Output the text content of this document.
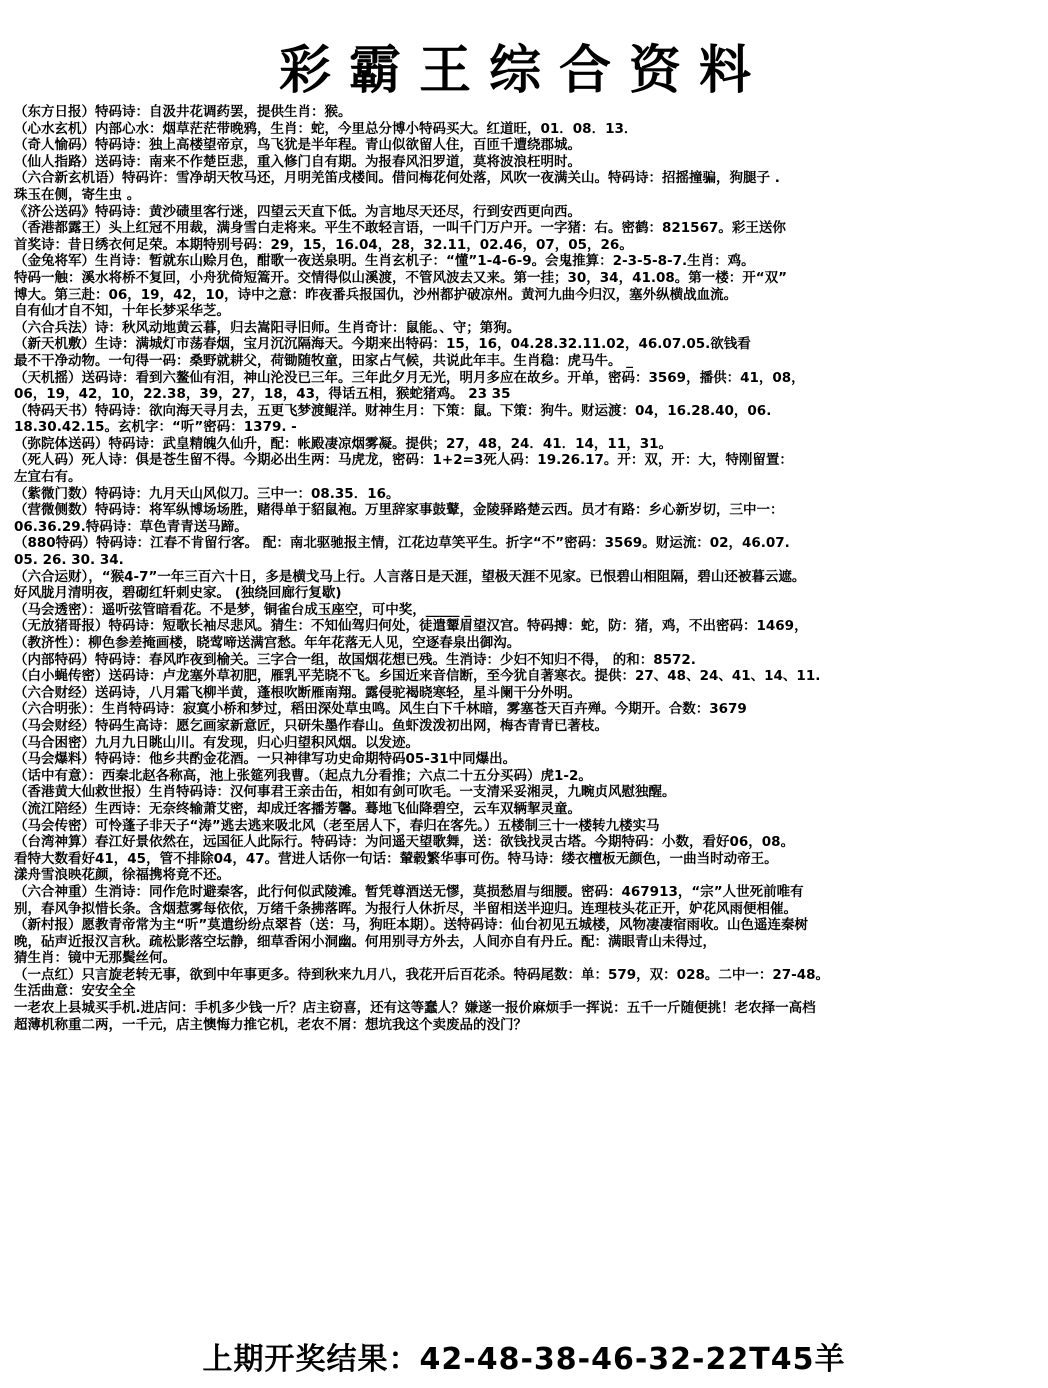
彩霸王综合资料
（东方日报）特码诗：自汲井花调药罢，提供生肖：猴。
（心水玄机）内部心水：烟草茫茫带晚鸦，生肖：蛇，今里总分博小特码买大。红道旺，01．08．13．
（奇人愉码）特码诗：独上高楼望帝京，鸟飞犹是半年程。青山似欲留人住，百匝千遭绕郡城。
（仙人指路）送码诗：南来不作楚臣悲，重入修门自有期。为报春风汨罗道，莫将波浪枉明时。
（六合新玄机语）特码许：雪净胡天牧马还，月明羌笛戌楼间。借问梅花何处落，风吹一夜满关山。特码诗：招摇撞骗，狗腿子 .
珠玉在侧，寄生虫 。
《济公送码》特码诗：黄沙碛里客行迷，四望云天直下低。为言地尽天还尽，行到安西更向西。
（香港都露王）头上红冠不用裁，满身雪白走将来。平生不敢轻言语，一叫千门万户开。一字猪：右。密鹤：821567。彩王送你
首奖诗：昔日绣衣何足荣。本期特别号码：29，15，16.04，28，32.11，02.46，07，05，26。
（金兔将军）生肖诗：暂就东山赊月色，酣歌一夜送泉明。生肖玄机子：“懂”1-4-6-9。会鬼推算：2-3-5-8-7.生肖：鸡。
特码一触：溪水将桥不复回，小舟犹倚短篙开。交情得似山溪渡，不管风波去又来。第一挂；30，34，41.08。第一楼：开“双”
博大。第三赴：06，19，42，10，诗中之意：昨夜番兵报国仇，沙州都护破凉州。黄河九曲今归汉，塞外纵横战血流。
自有仙才自不知，十年长梦采华芝。
（六合兵法）诗：秋风动地黄云暮，归去嵩阳寻旧师。生肖奇计：鼠能。、守；第狗。
（新天机敷）生诗：满城灯市荡春烟，宝月沉沉隔海天。今期来出特码：15，16，04.28.32.11.02，46.07.05.欲钱看
最不干净动物。一句得一码：桑野就耕父，荷锄随牧童，田家占气候，共说此年丰。生肖稳：虎马牛。 _
（天机摇）送码诗：看到六鳌仙有泪，神山沦没已三年。三年此夕月无光，明月多应在故乡。开单，密码：3569，播供：41，08，
06，19，42，10，22.38，39，27，18，43，得话五相，猴蛇猪鸡。 23 35
（特码天书）特码诗：欲向海天寻月去，五更飞梦渡鲲洋。财神生月：下策：鼠。下策：狗牛。财运渡：04，16.28.40，06.
18.30.42.15。玄机字：“听”密码：1379. -
（弥院体送码）特码诗：武皇精魄久仙升，配：帐殿凄凉烟雾凝。提供；27，48，24．41．14，11，31。
（死人码）死人诗：俱是苍生留不得。今期必出生两：马虎龙，密码：1+2=3死人码：19.26.17。开：双，开：大，特刚留置：
左宜右有。
（紫微门数）特码诗：九月天山风似刀。三中一：08.35．16。
（营微侧数）特码诗：将军纵博场场胜，赌得单于貂鼠袍。万里辞家事鼓鼙，金陵驿路楚云西。员才有路：乡心新岁切，三中一：
06.36.29.特码诗：草色青青送马蹄。
（880特码）特码诗：江春不肯留行客。 配：南北驱驰报主情，江花边草笑平生。折字“不”密码：3569。财运流：02，46.07.
05. 26. 30. 34.
（六合运财），“猴4-7”一年三百六十日，多是横戈马上行。人言落日是天涯，望极天涯不见家。已恨碧山相阻隔，碧山还被暮云遮。
好风胧月清明夜，碧砌红轩刺史家。 (独绕回廊行复歇)
（马会透密）：遥听弦管暗看花。不是梦，铜雀台成玉座空，可中奖，_____ _
（无放猪哥报）特码诗：短歌长袖尽悲风。猜生：不知仙驾归何处，徒遣颦眉望汉宫。特码搏：蛇，防：猪，鸡，不出密码：1469，
（教济性）：柳色参差掩画楼，晓莺啼送满宫愁。年年花落无人见，空逐春泉出御沟。
（内部特码）特码诗：春风昨夜到榆关。三字合一组，故国烟花想已残。生消诗：少妇不知归不得， 的和：8572.
（白小蝇传密）送码诗：卢龙塞外草初肥，雁乳平芜晓不飞。乡国近来音信断，至今犹自著寒衣。提供：27、48、24、41、14、11.
（六合财经）送码诗，八月霜飞柳半黄，蓬根吹断雁南翔。露侵驼褐晓寒轻，星斗阑干分外明。
（六合明张）：生肖特码诗：寂寞小桥和梦过，稻田深处草虫鸣。风生白下千林暗，雾塞苍天百卉殚。今期开。合数：3679
（马会财经）特码生高诗：愿乞画家新意匠，只研朱墨作春山。鱼虾泼泼初出网，梅杏青青已著枝。
（马合困密）九月九日眺山川。有发现，归心归望积风烟。以发迹。
（马会爆料）特码诗：他乡共酌金花酒。一只神律写功史命期特码05-31中同爆出。
（话中有意）：西秦北赵各称高，池上张筵列我曹。（起点九分看推；六点二十五分买码）虎1-2。
（香港黄大仙救世报）生肖特码诗：汉何事君王亲击缶，相如有剑可吹毛。一支清采妥湘灵，九畹贞风慰独醒。
（流江陪经）生西诗：无奈终输萧艾密，却成迁客播芳馨。蓦地飞仙降碧空，云车双辆挈灵童。
（马会传密）可怜蓬子非天子“涛”逃去逃来吸北风（老至居人下，春归在客先。）五楼制三十一楼转九楼实马
（台湾神算）春江好景依然在，远国征人此际行。特码诗：为问遥天望歌舞，送：欲钱找灵古塔。今期特码：小数，看好06，08。
看特大数看好41，45，管不排除04，47。营进人话你一句话：輦毂繁华事可伤。特马诗：缕衣檀板无颜色，一曲当时动帝王。
漾舟雪浪映花颜，徐福携将竟不还。
（六合神重）生消诗：同作危时避秦客，此行何似武陵滩。暂凭尊酒送无憀，莫损愁眉与细腰。密码：467913，“宗”人世死前唯有
别，春风争拟惜长条。含烟惹雾每依依，万绪千条拂落晖。为报行人休折尽，半留相送半迎归。连理枝头花正开，妒花风雨便相催。
（新村报）愿教青帝常为主“听”莫遣纷纷点翠苔（送：马，狗旺本期）。送特码诗：仙台初见五城楼，风物凄凄宿雨收。山色遥连秦树
晚，砧声近报汉言秋。疏松影落空坛静，细草香闲小洞幽。何用别寻方外去，人间亦自有丹丘。配：满眼青山未得过，
猜生肖：镜中无那鬓丝何。
（一点红）只言旋老转无事，欲到中年事更多。待到秋来九月八，我花开后百花杀。特码尾数：单：579，双：028。二中一：27-48。
生活曲意：安安全全
一老农上县城买手机.进店问：手机多少钱一斤？店主窃喜，还有这等蠢人？嫌遂一报价麻烦手一挥说：五千一斤随便挑！老农择一高档
超薄机称重二两，一千元，店主懊悔力推它机，老农不屑：想坑我这个卖废品的没门？
上期开奖结果：42-48-38-46-32-22T45羊
